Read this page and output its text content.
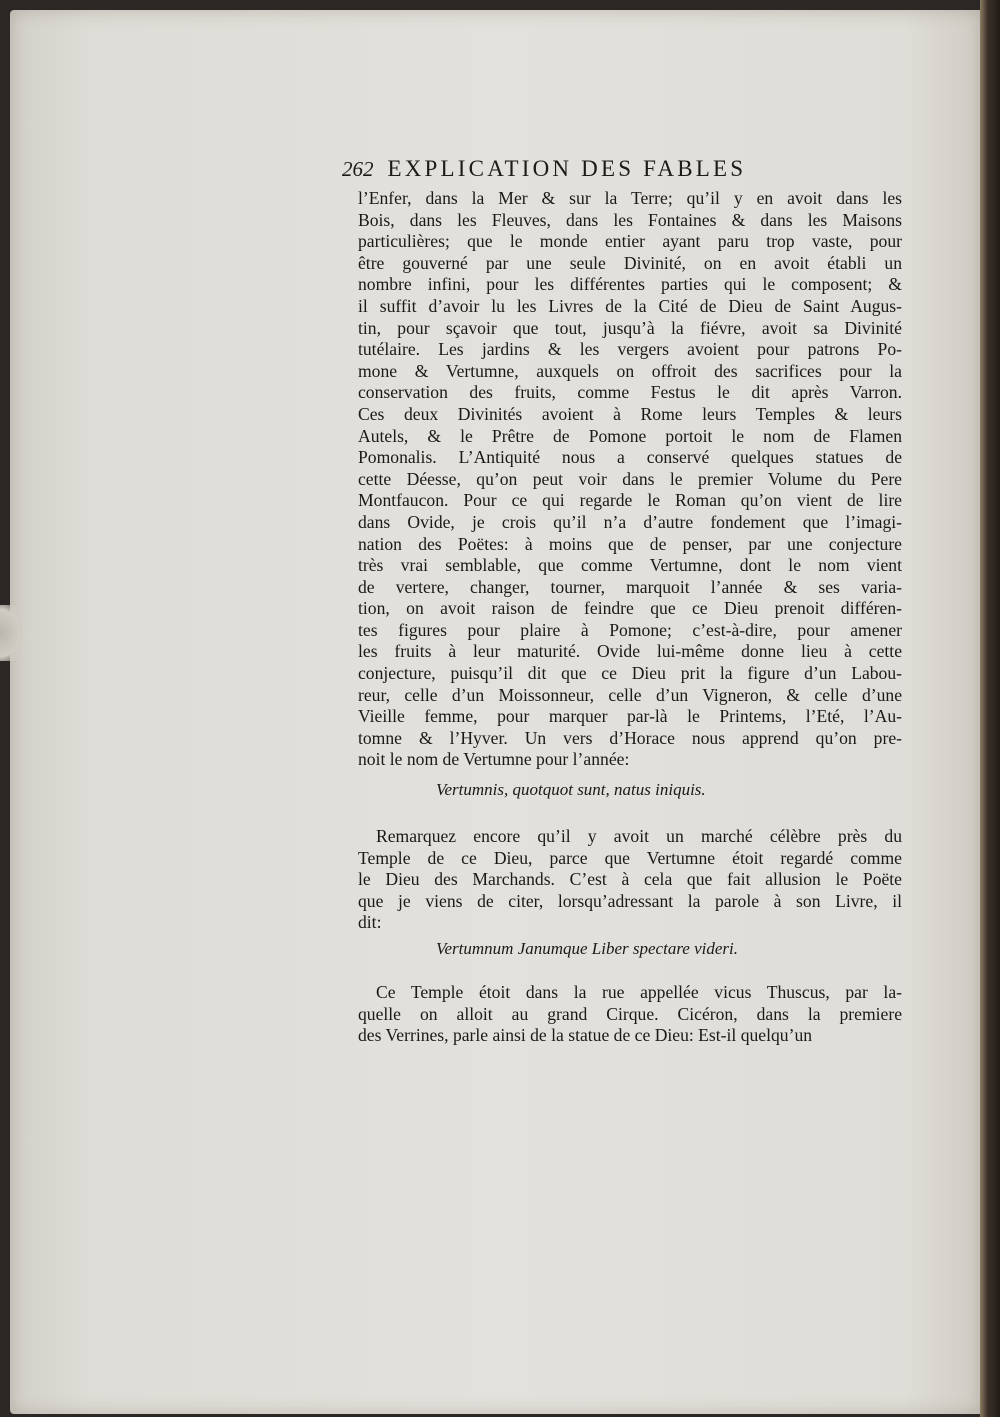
262 EXPLICATION DES FABLES
l’Enfer, dans la Mer & sur la Terre; qu’il y en avoit dans les
Bois, dans les Fleuves, dans les Fontaines & dans les Maisons
particulières; que le monde entier ayant paru trop vaste, pour
être gouverné par une seule Divinité, on en avoit établi un
nombre infini, pour les différentes parties qui le composent; &
il suffit d’avoir lu les Livres de la Cité de Dieu de Saint Augus-
tin, pour sçavoir que tout, jusqu’à la fiévre, avoit sa Divinité
tutélaire. Les jardins & les vergers avoient pour patrons Po-
mone & Vertumne, auxquels on offroit des sacrifices pour la
conservation des fruits, comme Festus le dit après Varron.
Ces deux Divinités avoient à Rome leurs Temples & leurs
Autels, & le Prêtre de Pomone portoit le nom de Flamen
Pomonalis. L’Antiquité nous a conservé quelques statues de
cette Déesse, qu’on peut voir dans le premier Volume du Pere
Montfaucon. Pour ce qui regarde le Roman qu’on vient de lire
dans Ovide, je crois qu’il n’a d’autre fondement que l’imagi-
nation des Poëtes: à moins que de penser, par une conjecture
très vrai semblable, que comme Vertumne, dont le nom vient
de vertere, changer, tourner, marquoit l’année & ses variа-
tion, on avoit raison de feindre que ce Dieu prenoit différen-
tes figures pour plaire à Pomone; c’est-à-dire, pour amener
les fruits à leur maturité. Ovide lui-même donne lieu à cette
conjecture, puisqu’il dit que ce Dieu prit la figure d’un Labou-
reur, celle d’un Moissonneur, celle d’un Vigneron, & celle d’une
Vieille femme, pour marquer par-là le Printems, l’Eté, l’Au-
tomne & l’Hyver. Un vers d’Horace nous apprend qu’on pre-
noit le nom de Vertumne pour l’année:
Vertumnis, quotquot sunt, natus iniquis.
Remarquez encore qu’il y avoit un marché célèbre près du
Temple de ce Dieu, parce que Vertumne étoit regardé comme
le Dieu des Marchands. C’est à cela que fait allusion le Poëte
que je viens de citer, lorsqu’adressant la parole à son Livre, il
dit:
Vertumnum Janumque Liber spectare videri.
Ce Temple étoit dans la rue appellée vicus Thuscus, par la-
quelle on alloit au grand Cirque. Cicéron, dans la premiere
des Verrines, parle ainsi de la statue de ce Dieu: Est-il quelqu’un
